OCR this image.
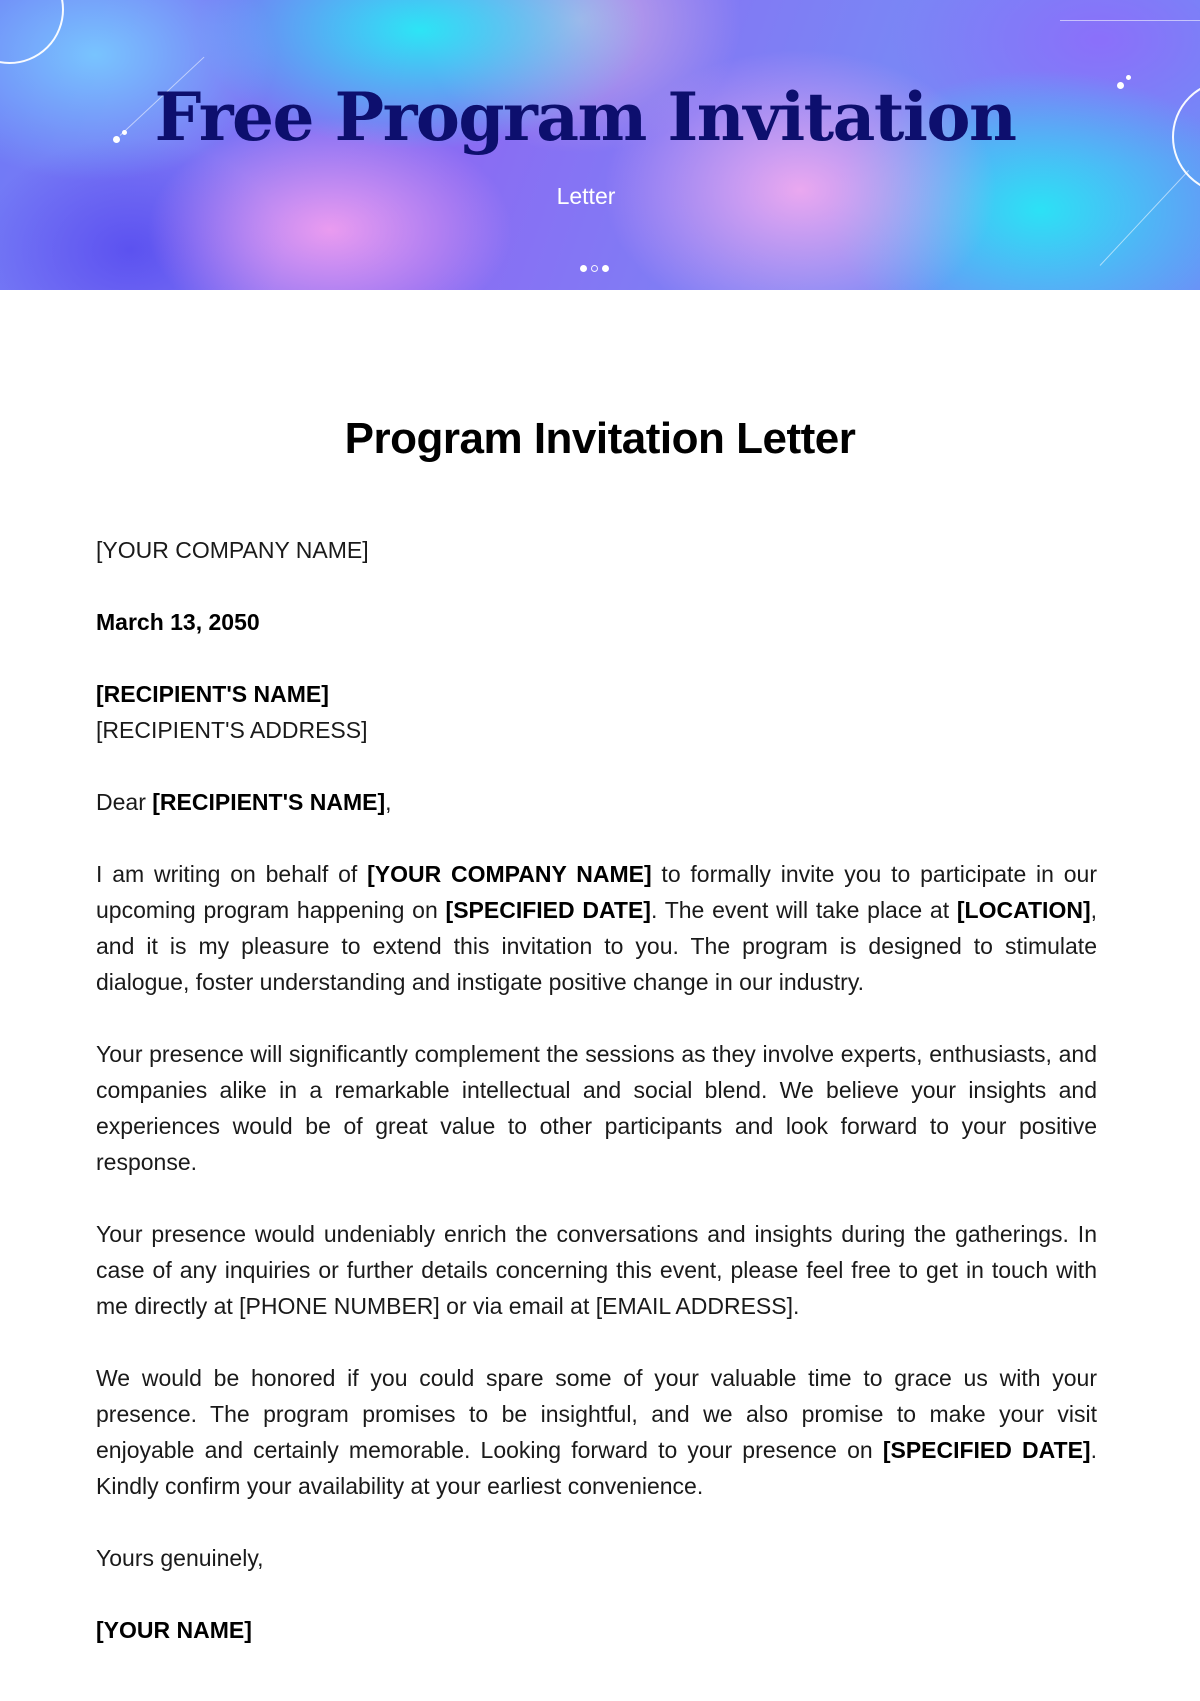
Free Program Invitation
Letter
Program Invitation Letter

[YOUR COMPANY NAME]

March 13, 2050

[RECIPIENT'S NAME]

[RECIPIENT'S ADDRESS]

Dear [RECIPIENT'S NAME],

I am writing on behalf of [YOUR COMPANY NAME] to formally invite you to participate in our upcoming program happening on [SPECIFIED DATE]. The event will take place at [LOCATION], and it is my pleasure to extend this invitation to you. The program is designed to stimulate dialogue, foster understanding and instigate positive change in our industry.

Your presence will significantly complement the sessions as they involve experts, enthusiasts, and companies alike in a remarkable intellectual and social blend. We believe your insights and experiences would be of great value to other participants and look forward to your positive response.

Your presence would undeniably enrich the conversations and insights during the gatherings. In case of any inquiries or further details concerning this event, please feel free to get in touch with me directly at [PHONE NUMBER] or via email at [EMAIL ADDRESS].

We would be honored if you could spare some of your valuable time to grace us with your presence. The program promises to be insightful, and we also promise to make your visit enjoyable and certainly memorable. Looking forward to your presence on [SPECIFIED DATE]. Kindly confirm your availability at your earliest convenience.

Yours genuinely,

[YOUR NAME]
